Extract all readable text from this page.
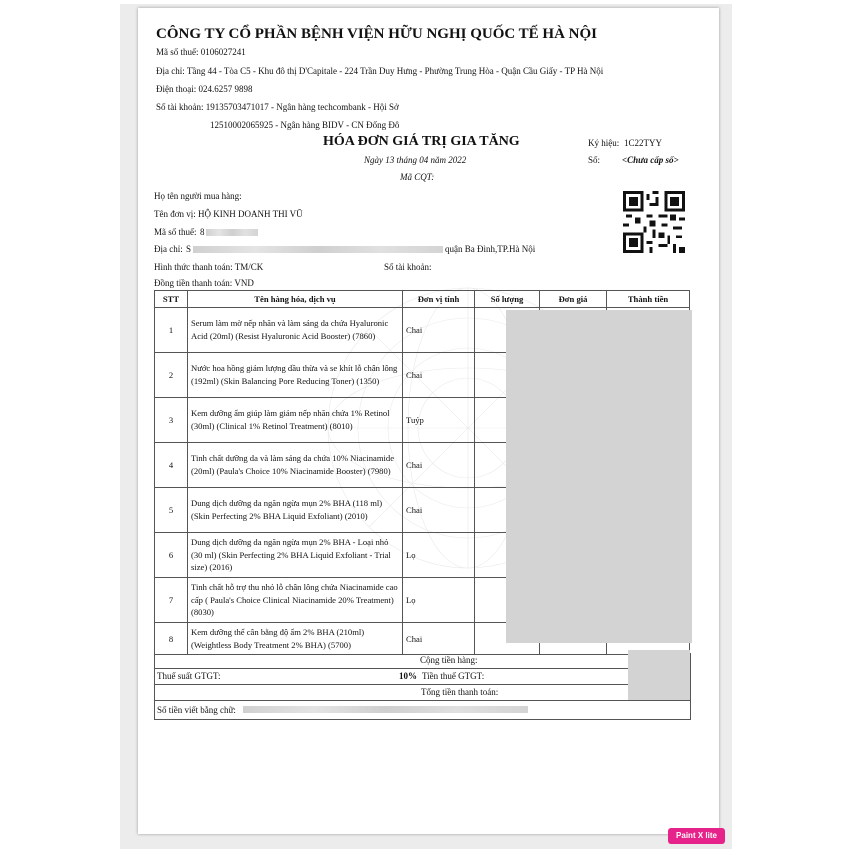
CÔNG TY CỔ PHẦN BỆNH VIỆN HỮU NGHỊ QUỐC TẾ HÀ NỘI
Mã số thuế: 0106027241
Địa chỉ: Tầng 44 - Tòa C5 - Khu đô thị D'Capitale - 224 Trần Duy Hưng - Phường Trung Hòa - Quận Cầu Giấy - TP Hà Nội
Điện thoại: 024.6257 9898
Số tài khoản: 19135703471017 - Ngân hàng techcombank - Hội Sở
12510002065925 - Ngân hàng BIDV - CN Đống Đô
HÓA ĐƠN GIÁ TRỊ GIA TĂNG
Ngày 13 tháng 04 năm 2022
Mã CQT:
Ký hiệu: 1C22TYY
Số: <Chưa cấp số>
Họ tên người mua hàng:
Tên đơn vị: HỘ KINH DOANH THI VŨ
Mã số thuế: 8
Địa chỉ: S	quận Ba Đình,TP.Hà Nội
Hình thức thanh toán: TM/CK	Số tài khoản:
Đồng tiền thanh toán: VND
STT	Tên hàng hóa, dịch vụ	Đơn vị tính	Số lượng	Đơn giá	Thành tiền
1	Serum làm mờ nếp nhăn và làm sáng da chứa Hyaluronic Acid (20ml) (Resist Hyaluronic Acid Booster) (7860)	Chai			
2	Nước hoa hồng giảm lượng dầu thừa và se khít lỗ chân lông (192ml) (Skin Balancing Pore Reducing Toner) (1350)	Chai			
3	Kem dưỡng ẩm giúp làm giảm nếp nhăn chứa 1% Retinol (30ml) (Clinical 1% Retinol Treatment) (8010)	Tuýp			
4	Tinh chất dưỡng da và làm sáng da chứa 10% Niacinamide (20ml) (Paula's Choice 10% Niacinamide Booster) (7980)	Chai			
5	Dung dịch dưỡng da ngăn ngừa mụn 2% BHA (118 ml) (Skin Perfecting 2% BHA Liquid Exfoliant) (2010)	Chai			
6	Dung dịch dưỡng da ngăn ngừa mụn 2% BHA - Loại nhỏ (30 ml) (Skin Perfecting 2% BHA Liquid Exfoliant - Trial size) (2016)	Lọ			
7	Tinh chất hỗ trợ thu nhỏ lỗ chân lông chứa Niacinamide cao cấp ( Paula's Choice Clinical Niacinamide 20% Treatment) (8030)	Lọ			
8	Kem dưỡng thể cân bằng độ ẩm 2% BHA (210ml) (Weightless Body Treatment 2% BHA) (5700)	Chai			
Cộng tiền hàng:
Thuế suất GTGT:	10% Tiền thuế GTGT:
Tổng tiền thanh toán:
Số tiền viết bằng chữ:
Paint X lite
